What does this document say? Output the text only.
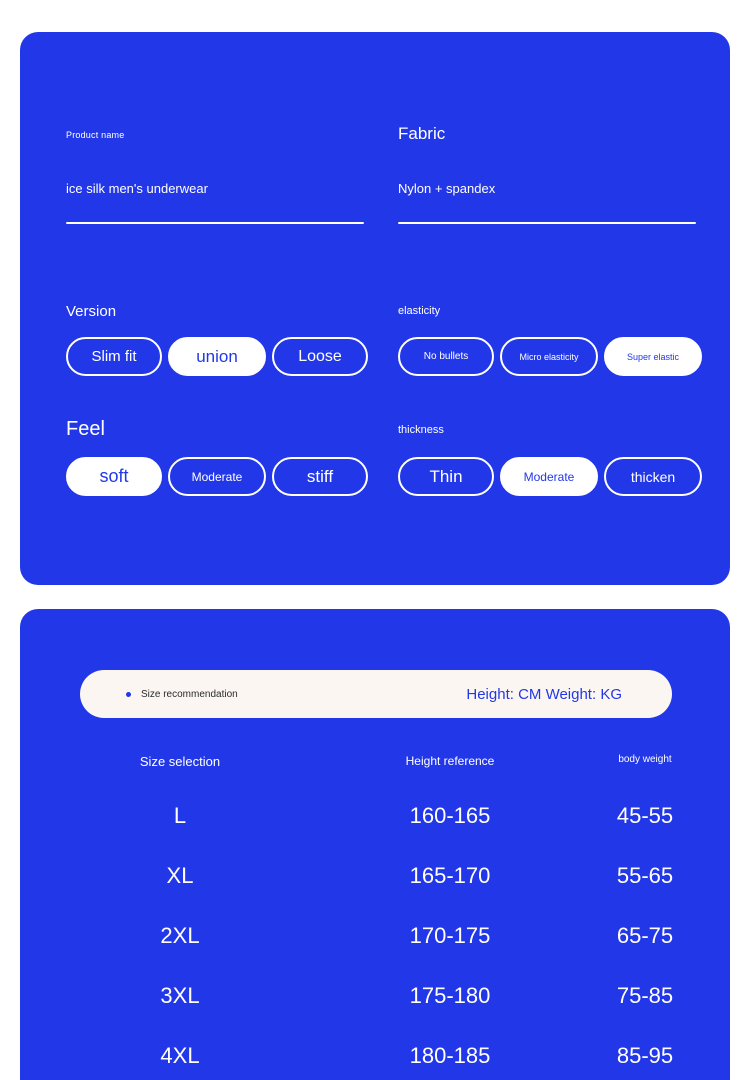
Product name
ice silk men's underwear
Version
Slim fit	union	Loose
Feel
soft	Moderate	stiff
Fabric
Nylon + spandex
elasticity
No bullets	Micro elasticity	Super elastic
thickness
Thin	Moderate	thicken
Size recommendation	Height: CM Weight: KG
Size selection	Height reference	body weight
L	160-165	45-55
XL	165-170	55-65
2XL	170-175	65-75
3XL	175-180	75-85
4XL	180-185	85-95
